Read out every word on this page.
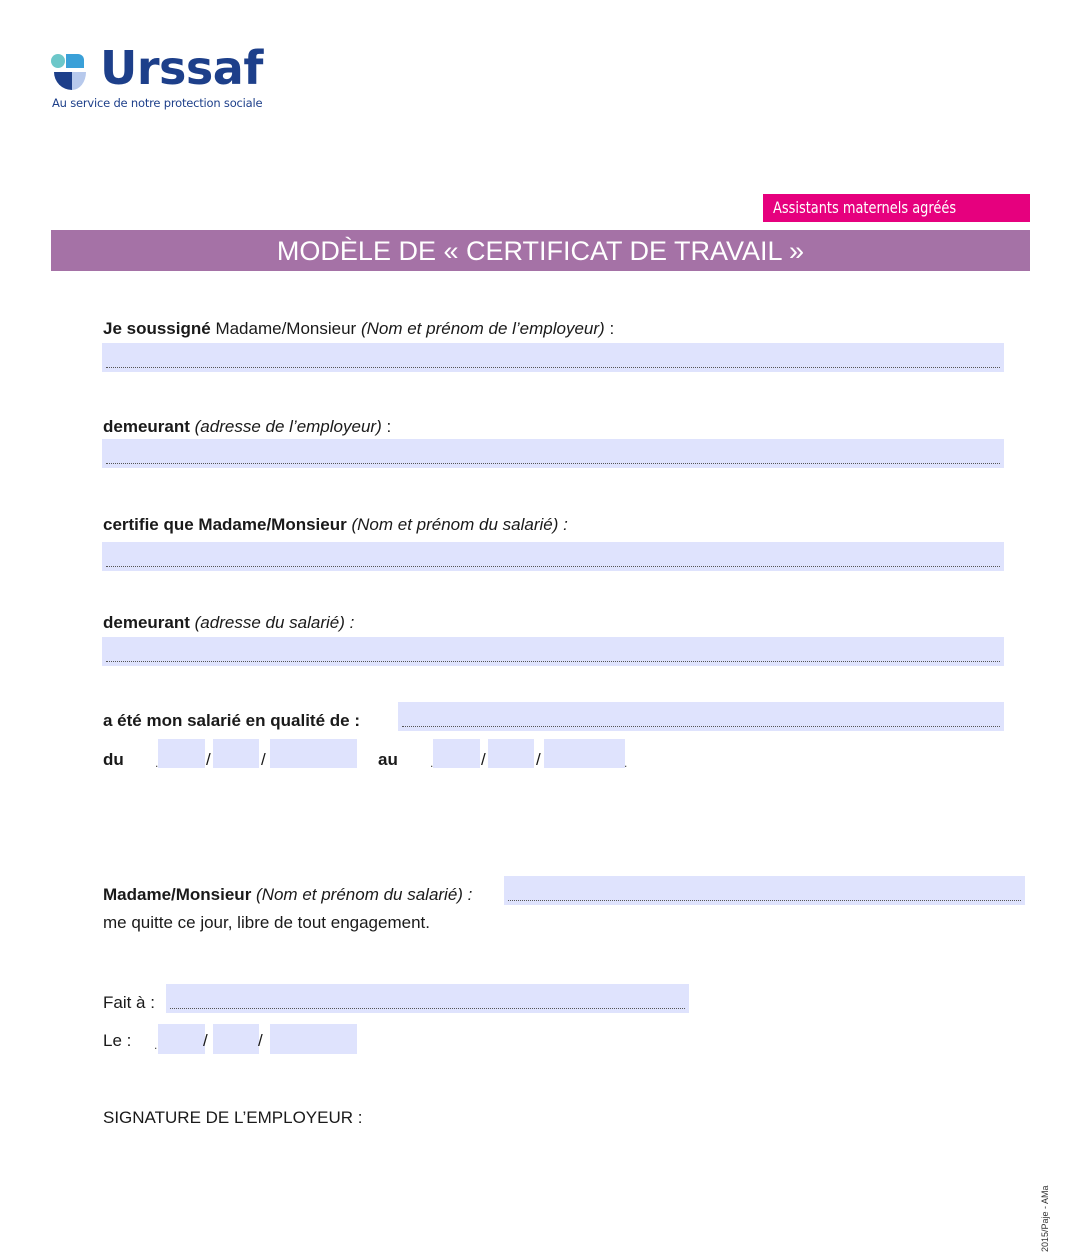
Urssaf
Au service de notre protection sociale
Assistants maternels agréés
MODÈLE DE « CERTIFICAT DE TRAVAIL »
Je soussigné Madame/Monsieur (Nom et prénom de l’employeur) :
demeurant (adresse de l’employeur) :
certifie que Madame/Monsieur (Nom et prénom du salarié) :
demeurant (adresse du salarié) :
a été mon salarié en qualité de :
du	.	/	/	au	.	/	/	.
Madame/Monsieur (Nom et prénom du salarié) :
me quitte ce jour, libre de tout engagement.
Fait à :
Le : .	/	/
SIGNATURE DE L’EMPLOYEUR :
2015/Paje - AMa
